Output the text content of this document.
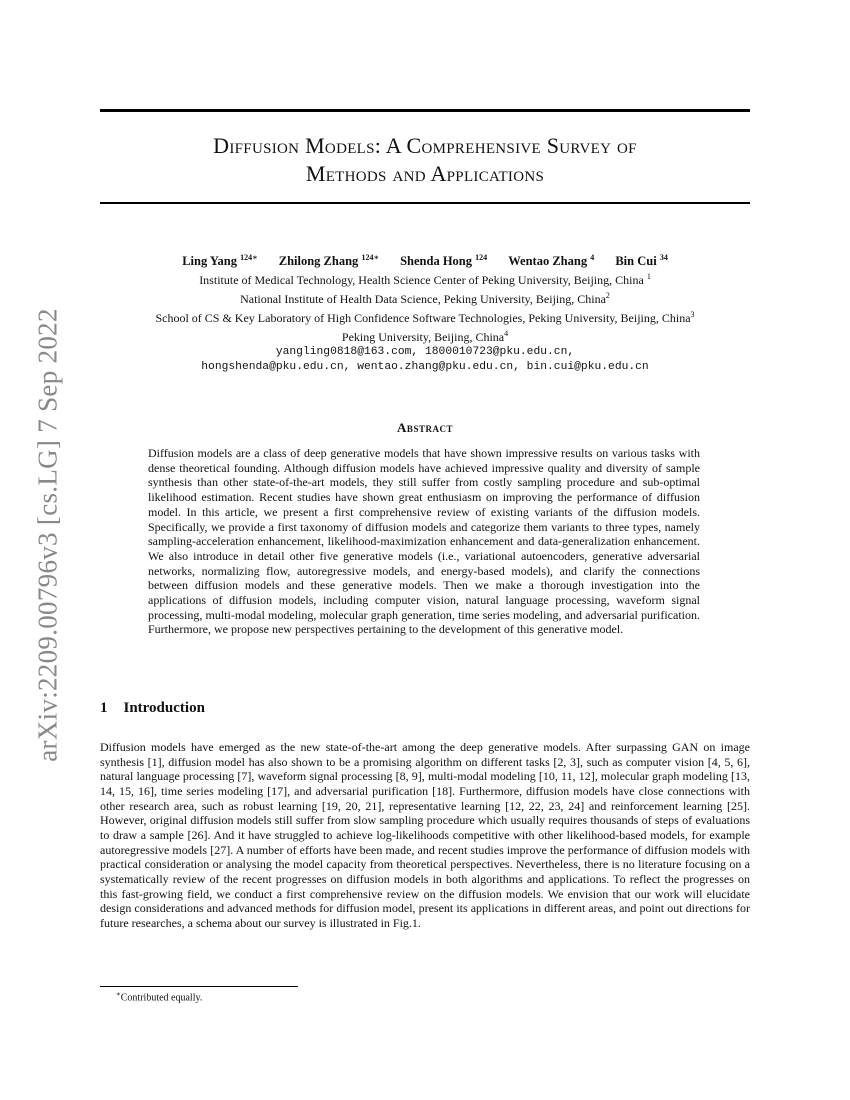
arXiv:2209.00796v3 [cs.LG] 7 Sep 2022
Diffusion Models: A Comprehensive Survey of
Methods and Applications
Ling Yang $^{124∗}$ Zhilong Zhang $^{124∗}$ Shenda Hong $^{124}$ Wentao Zhang $^4$ Bin Cui $^{34}$
Institute of Medical Technology, Health Science Center of Peking University, Beijing, China $^1$
National Institute of Health Data Science, Peking University, Beijing, China$^2$
School of CS & Key Laboratory of High Confidence Software Technologies, Peking University, Beijing, China$^3$
Peking University, Beijing, China$^4$
yangling0818@163.com, 1800010723@pku.edu.cn,
hongshenda@pku.edu.cn, wentao.zhang@pku.edu.cn, bin.cui@pku.edu.cn
Abstract
Diffusion models are a class of deep generative models that have shown impressive results on various tasks with dense theoretical founding. Although diffusion models have achieved impressive quality and diversity of sample synthesis than other state-of-the-art models, they still suffer from costly sampling procedure and sub-optimal likelihood estimation. Recent studies have shown great enthusiasm on improving the performance of diffusion model. In this article, we present a first comprehensive review of existing variants of the diffusion models. Specifically, we provide a first taxonomy of diffusion models and categorize them variants to three types, namely sampling-acceleration enhancement, likelihood-maximization enhancement and data-generalization enhancement. We also introduce in detail other five generative models (i.e., variational autoencoders, generative adversarial networks, normalizing flow, autoregressive models, and energy-based models), and clarify the connections between diffusion models and these generative models. Then we make a thorough investigation into the applications of diffusion models, including computer vision, natural language processing, waveform signal processing, multi-modal modeling, molecular graph generation, time series modeling, and adversarial purification. Furthermore, we propose new perspectives pertaining to the development of this generative model.
1 Introduction
Diffusion models have emerged as the new state-of-the-art among the deep generative models. After surpassing GAN on image synthesis [1], diffusion model has also shown to be a promising algorithm on different tasks [2, 3], such as computer vision [4, 5, 6], natural language processing [7], waveform signal processing [8, 9], multi-modal modeling [10, 11, 12], molecular graph modeling [13, 14, 15, 16], time series modeling [17], and adversarial purification [18]. Furthermore, diffusion models have close connections with other research area, such as robust learning [19, 20, 21], representative learning [12, 22, 23, 24] and reinforcement learning [25]. However, original diffusion models still suffer from slow sampling procedure which usually requires thousands of steps of evaluations to draw a sample [26]. And it have struggled to achieve log-likelihoods competitive with other likelihood-based models, for example autoregressive models [27]. A number of efforts have been made, and recent studies improve the performance of diffusion models with practical consideration or analysing the model capacity from theoretical perspectives. Nevertheless, there is no literature focusing on a systematically review of the recent progresses on diffusion models in both algorithms and applications. To reflect the progresses on this fast-growing field, we conduct a first comprehensive review on the diffusion models. We envision that our work will elucidate design considerations and advanced methods for diffusion model, present its applications in different areas, and point out directions for future researches, a schema about our survey is illustrated in Fig.1.
∗Contributed equally.
